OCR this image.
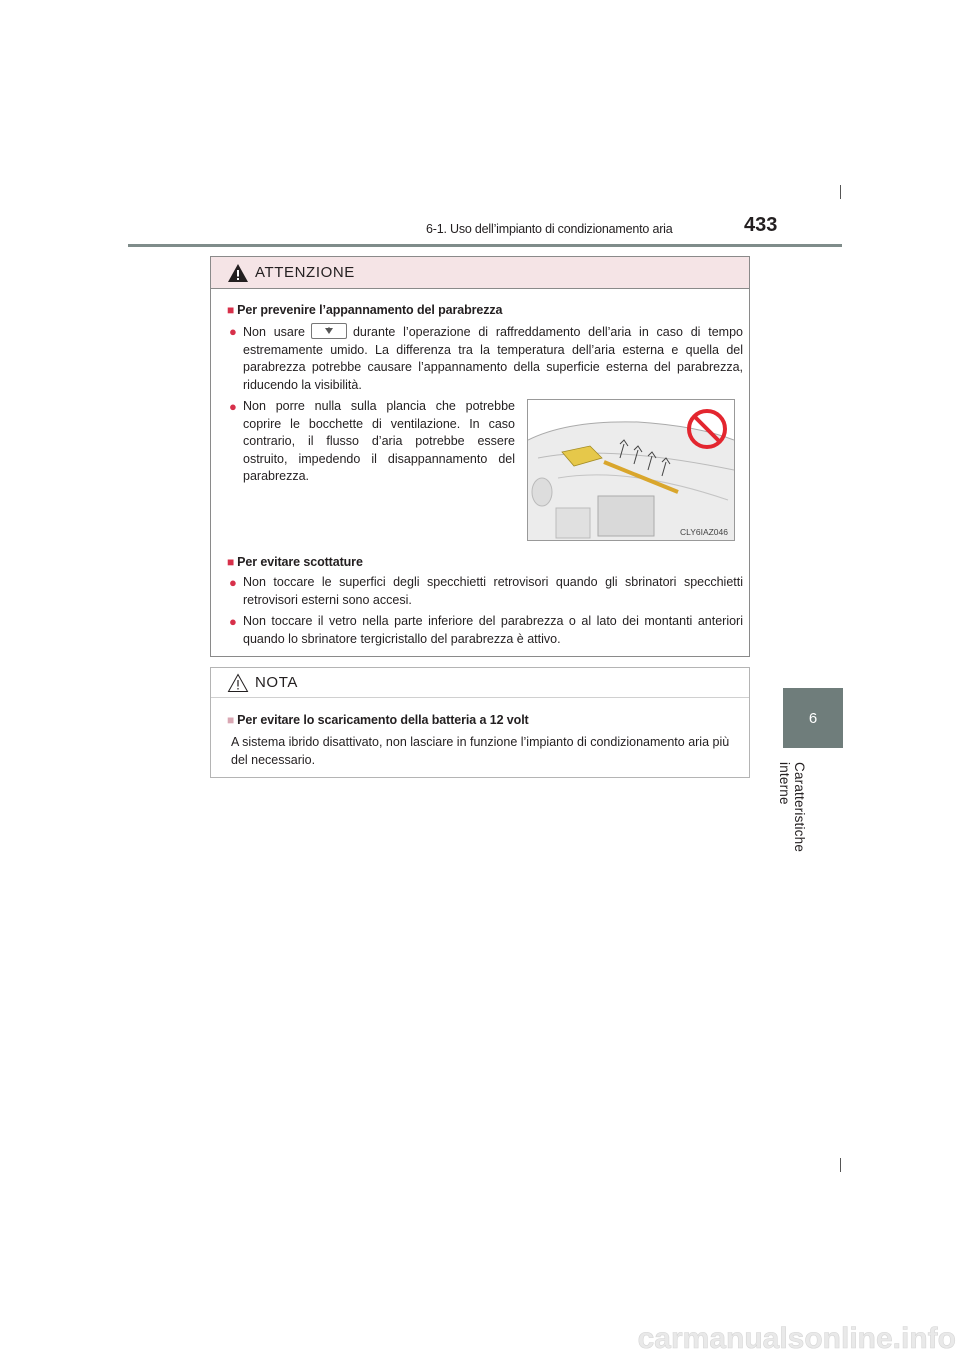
6-1. Uso dell’impianto di condizionamento aria	433
6
Caratteristiche interne
ATTENZIONE
■ Per prevenire l’appannamento del parabrezza
● Non usare	durante l’operazione di raffreddamento dell’aria in caso di tempo estremamente umido. La differenza tra la temperatura dell’aria esterna e quella del parabrezza potrebbe causare l’appannamento della superficie esterna del parabrezza, riducendo la visibilità.
● Non porre nulla sulla plancia che potrebbe coprire le bocchette di ventilazione. In caso contrario, il flusso d’aria potrebbe essere ostruito, impedendo il disappannamento del parabrezza.
CLY6IAZ046
■ Per evitare scottature
● Non toccare le superfici degli specchietti retrovisori quando gli sbrinatori specchietti retrovisori esterni sono accesi.
● Non toccare il vetro nella parte inferiore del parabrezza o al lato dei montanti anteriori quando lo sbrinatore tergicristallo del parabrezza è attivo.
NOTA
■ Per evitare lo scaricamento della batteria a 12 volt
A sistema ibrido disattivato, non lasciare in funzione l’impianto di condizionamento aria più del necessario.
carmanualsonline.info
